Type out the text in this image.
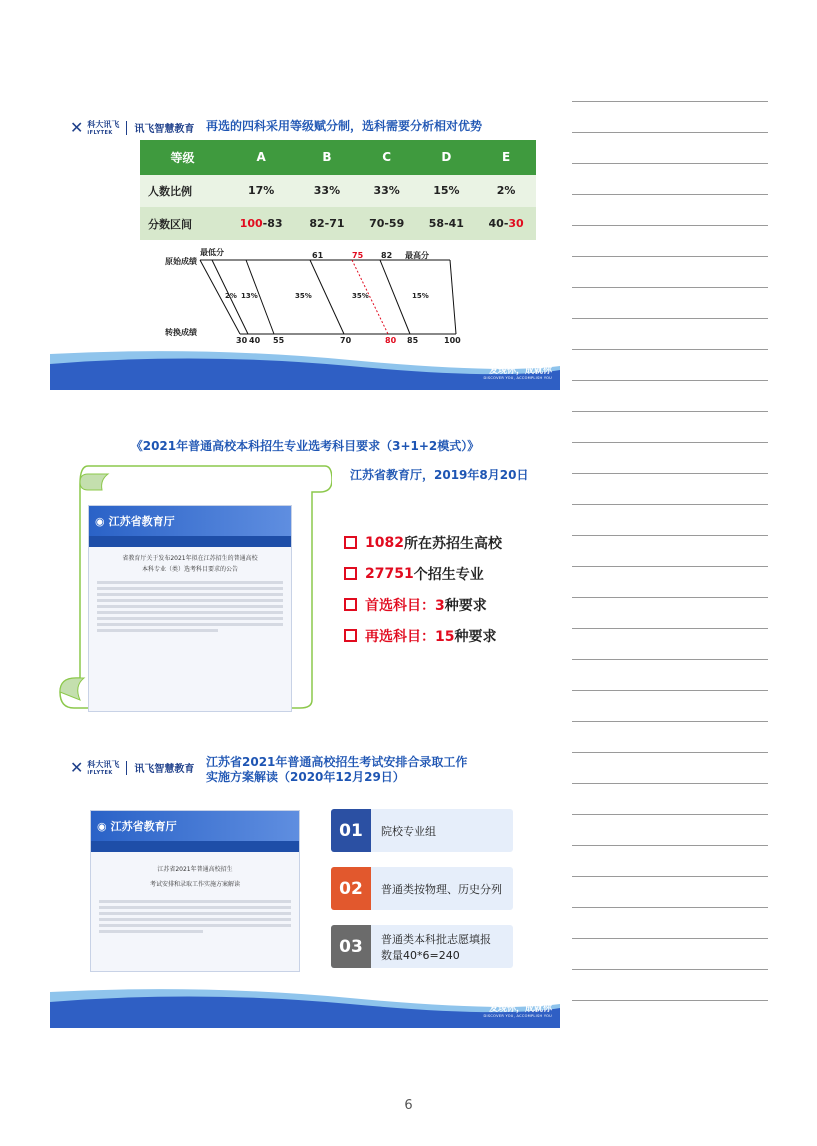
✕ 科大讯飞
iFLYTEK	讯飞智慧教育 再选的四科采用等级赋分制，选科需要分析相对优势
等级	A	B	C	D	E
人数比例	17%	33%	33%	15%	2%
分数区间	100-83	82-71	70-59	58-41	40-30
原始成绩
转换成绩
最低分	最高分
61	75 82
30 40 55	70	80 85	100
2% 13%	35%	35%	15%
发现你，成就你
DISCOVER YOU, ACCOMPLISH YOU
《2021年普通高校本科招生专业选考科目要求（3+1+2模式）》
江苏省教育厅，2019年8月20日
◉ 江苏省教育厅
省教育厅关于发布2021年拟在江苏招生的普通高校
本科专业（类）选考科目要求的公告
1082 所在苏招生高校
27751 个招生专业
首选科目：3 种要求
再选科目：15 种要求
✕ 科大讯飞
iFLYTEK	讯飞智慧教育
江苏省2021年普通高校招生考试安排合录取工作
实施方案解读（2020年12月29日）
◉ 江苏省教育厅
江苏省2021年普通高校招生
考试安排和录取工作实施方案解读
01	院校专业组
02	普通类按物理、历史分列
03	普通类本科批志愿填报数量40*6=240
发现你，成就你
DISCOVER YOU, ACCOMPLISH YOU
6
